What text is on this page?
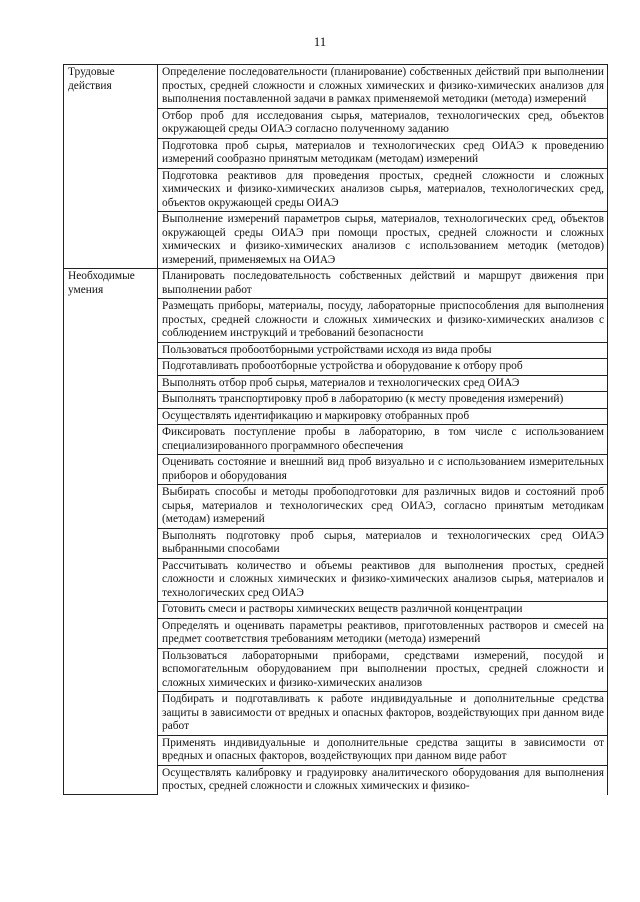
11
Трудовые действия	Определение последовательности (планирование) собственных действий при выполнении простых, средней сложности и сложных химических и физико-химических анализов для выполнения поставленной задачи в рамках применяемой методики (метода) измерений
	Отбор проб для исследования сырья, материалов, технологических сред, объектов окружающей среды ОИАЭ согласно полученному заданию
	Подготовка проб сырья, материалов и технологических сред ОИАЭ к проведению измерений сообразно принятым методикам (методам) измерений
	Подготовка реактивов для проведения простых, средней сложности и сложных химических и физико-химических анализов сырья, материалов, технологических сред, объектов окружающей среды ОИАЭ
	Выполнение измерений параметров сырья, материалов, технологических сред, объектов окружающей среды ОИАЭ при помощи простых, средней сложности и сложных химических и физико-химических анализов с использованием методик (методов) измерений, применяемых на ОИАЭ
Необходимые умения	Планировать последовательность собственных действий и маршрут движения при выполнении работ
	Размещать приборы, материалы, посуду, лабораторные приспособления для выполнения простых, средней сложности и сложных химических и физико-химических анализов с соблюдением инструкций и требований безопасности
	Пользоваться пробоотборными устройствами исходя из вида пробы
	Подготавливать пробоотборные устройства и оборудование к отбору проб
	Выполнять отбор проб сырья, материалов и технологических сред ОИАЭ
	Выполнять транспортировку проб в лабораторию (к месту проведения измерений)
	Осуществлять идентификацию и маркировку отобранных проб
	Фиксировать поступление пробы в лабораторию, в том числе с использованием специализированного программного обеспечения
	Оценивать состояние и внешний вид проб визуально и с использованием измерительных приборов и оборудования
	Выбирать способы и методы пробоподготовки для различных видов и состояний проб сырья, материалов и технологических сред ОИАЭ, согласно принятым методикам (методам) измерений
	Выполнять подготовку проб сырья, материалов и технологических сред ОИАЭ выбранными способами
	Рассчитывать количество и объемы реактивов для выполнения простых, средней сложности и сложных химических и физико-химических анализов сырья, материалов и технологических сред ОИАЭ
	Готовить смеси и растворы химических веществ различной концентрации
	Определять и оценивать параметры реактивов, приготовленных растворов и смесей на предмет соответствия требованиям методики (метода) измерений
	Пользоваться лабораторными приборами, средствами измерений, посудой и вспомогательным оборудованием при выполнении простых, средней сложности и сложных химических и физико-химических анализов
	Подбирать и подготавливать к работе индивидуальные и дополнительные средства защиты в зависимости от вредных и опасных факторов, воздействующих при данном виде работ
	Применять индивидуальные и дополнительные средства защиты в зависимости от вредных и опасных факторов, воздействующих при данном виде работ
	Осуществлять калибровку и градуировку аналитического оборудования для выполнения простых, средней сложности и сложных химических и физико-
